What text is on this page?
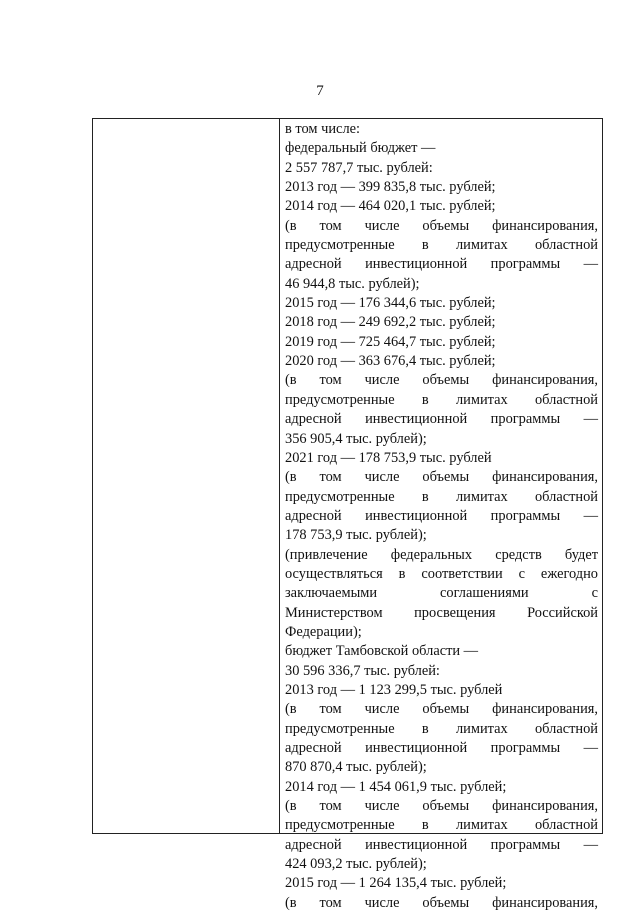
7
в том числе:
федеральный бюджет —
2 557 787,7 тыс. рублей:
2013 год — 399 835,8 тыс. рублей;
2014 год — 464 020,1 тыс. рублей;
(в том числе объемы финансирования,
предусмотренные в лимитах областной
адресной инвестиционной программы —
46 944,8 тыс. рублей);
2015 год — 176 344,6 тыс. рублей;
2018 год — 249 692,2 тыс. рублей;
2019 год — 725 464,7 тыс. рублей;
2020 год — 363 676,4 тыс. рублей;
(в том числе объемы финансирования,
предусмотренные в лимитах областной
адресной инвестиционной программы —
356 905,4 тыс. рублей);
2021 год — 178 753,9 тыс. рублей
(в том числе объемы финансирования,
предусмотренные в лимитах областной
адресной инвестиционной программы —
178 753,9 тыс. рублей);
(привлечение федеральных средств будет
осуществляться в соответствии с ежегодно
заключаемыми соглашениями с
Министерством просвещения Российской
Федерации);
бюджет Тамбовской области —
30 596 336,7 тыс. рублей:
2013 год — 1 123 299,5 тыс. рублей
(в том числе объемы финансирования,
предусмотренные в лимитах областной
адресной инвестиционной программы —
870 870,4 тыс. рублей);
2014 год — 1 454 061,9 тыс. рублей;
(в том числе объемы финансирования,
предусмотренные в лимитах областной
адресной инвестиционной программы —
424 093,2 тыс. рублей);
2015 год — 1 264 135,4 тыс. рублей;
(в том числе объемы финансирования,
